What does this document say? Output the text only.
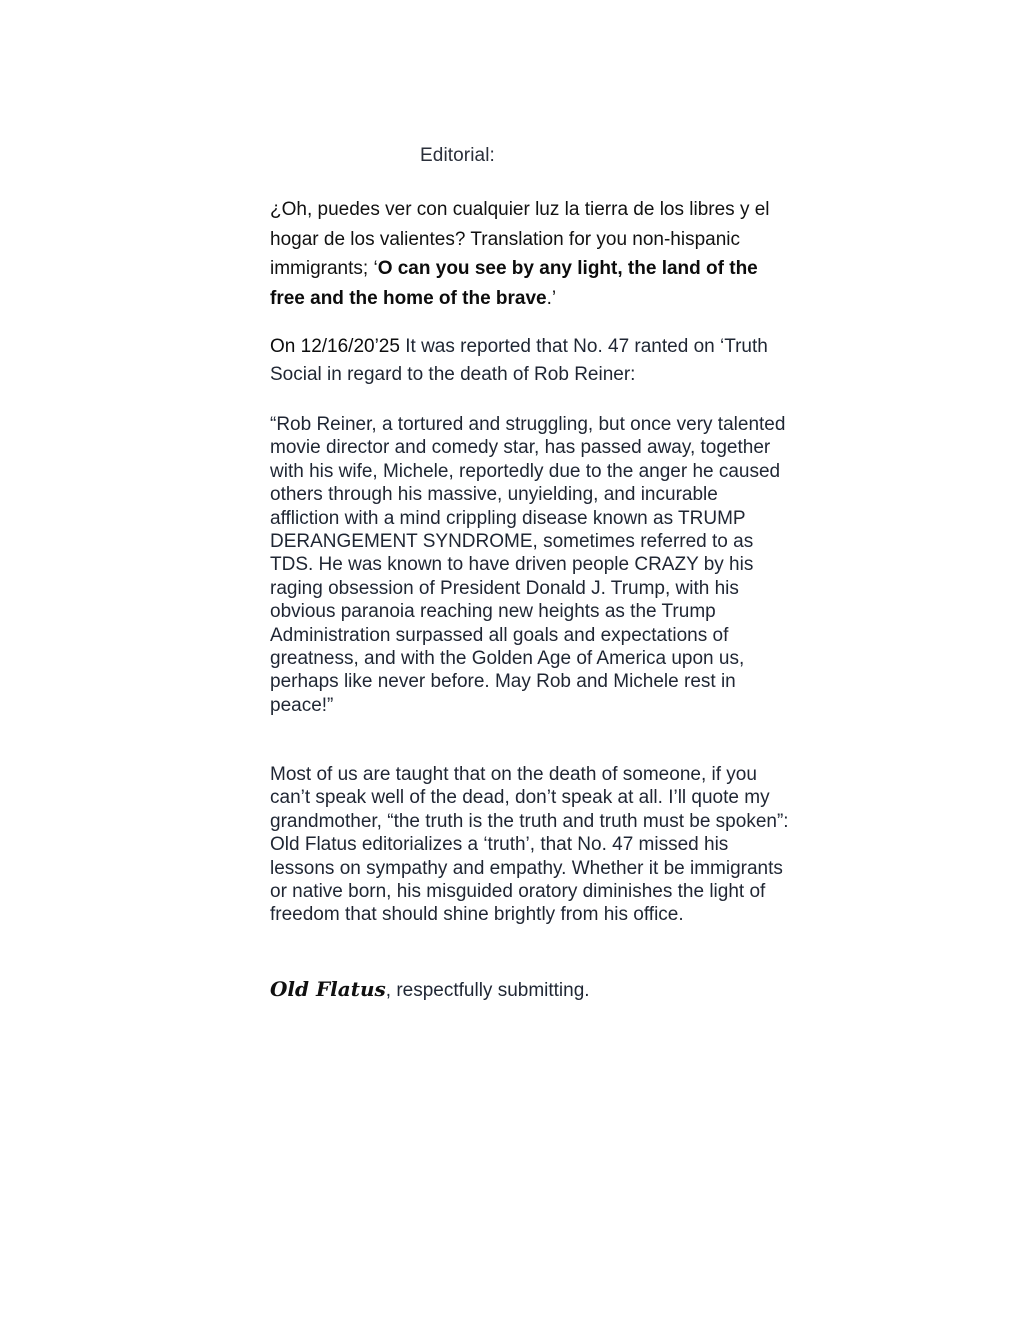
Editorial:

¿Oh, puedes ver con cualquier luz la tierra de los libres y el hogar de los valientes? Translation for you non-hispanic immigrants; ‘O can you see by any light, the land of the free and the home of the brave.’

On 12/16/20’25 It was reported that No. 47 ranted on ‘Truth Social in regard to the death of Rob Reiner:

“Rob Reiner, a tortured and struggling, but once very talented movie director and comedy star, has passed away, together with his wife, Michele, reportedly due to the anger he caused others through his massive, unyielding, and incurable affliction with a mind crippling disease known as TRUMP DERANGEMENT SYNDROME, sometimes referred to as TDS. He was known to have driven people CRAZY by his raging obsession of President Donald J. Trump, with his obvious paranoia reaching new heights as the Trump Administration surpassed all goals and expectations of greatness, and with the Golden Age of America upon us, perhaps like never before. May Rob and Michele rest in peace!”

Most of us are taught that on the death of someone, if you can’t speak well of the dead, don’t speak at all. I’ll quote my grandmother, “the truth is the truth and truth must be spoken”: Old Flatus editorializes a ‘truth’, that No. 47 missed his lessons on sympathy and empathy. Whether it be immigrants or native born, his misguided oratory diminishes the light of freedom that should shine brightly from his office.

Old Flatus, respectfully submitting.
